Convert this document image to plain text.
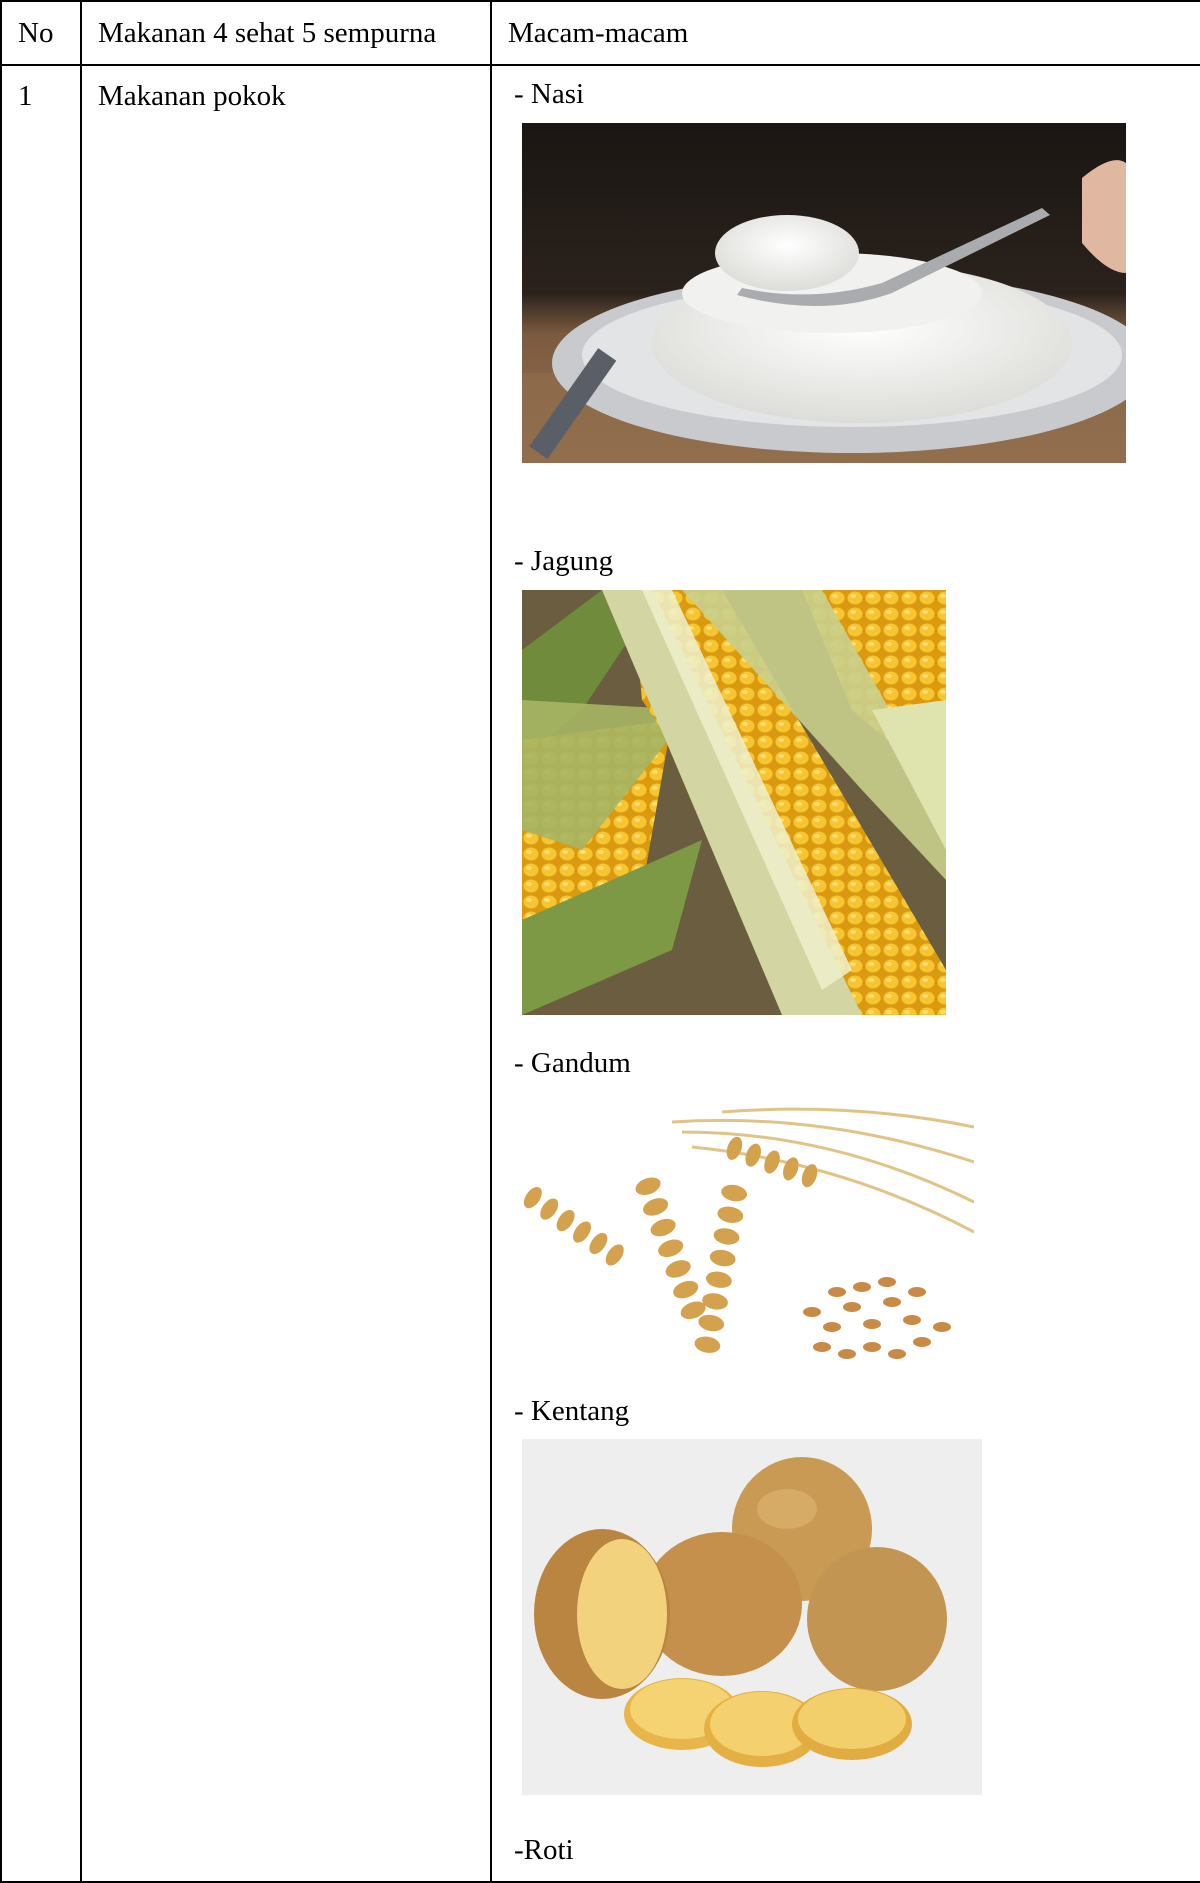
No	Makanan 4 sehat 5 sempurna	Macam-macam

1	Makanan pokok	- Nasi
- Jagung
- Gandum
- Kentang
-Roti
